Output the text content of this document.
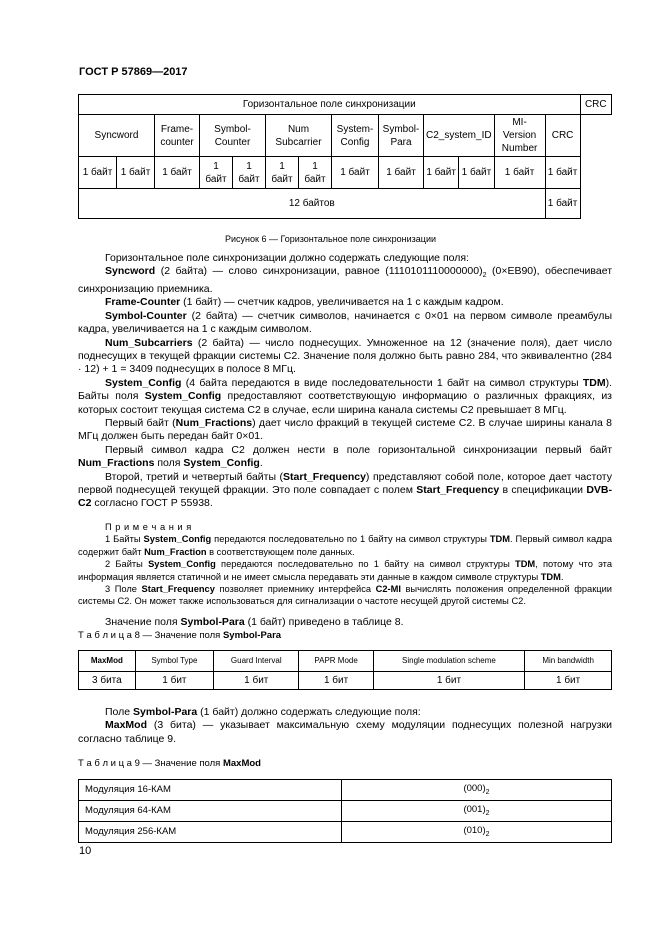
ГОСТ Р 57869—2017
Горизонтальное поле синхронизации													CRC
Syncword		Frame-counter	Symbol-Counter		Num Subcarrier		System-Config	Symbol-Para	C2_system_ID		MI-Version Number	CRC	
1 байт	1 байт	1 байт	1 байт	1 байт	1 байт	1 байт	1 байт	1 байт	1 байт	1 байт	1 байт	1 байт	
12 байтов												1 байт	
Рисунок 6 — Горизонтальное поле синхронизации

Горизонтальное поле синхронизации должно содержать следующие поля:

Syncword (2 байта) — слово синхронизации, равное $(1110101110000000)_2$ (0×EB90), обеспечивает синхронизацию приемника.

Frame-Counter (1 байт) — счетчик кадров, увеличивается на 1 с каждым кадром.

Symbol-Counter (2 байта) — счетчик символов, начинается с 0×01 на первом символе преамбулы кадра, увеличивается на 1 с каждым символом.

Num_Subcarriers (2 байта) — число поднесущих. Умноженное на 12 (значение поля), дает число поднесущих в текущей фракции системы C2. Значение поля должно быть равно 284, что эквивалентно (284 · 12) + 1 = 3409 поднесущих в полосе 8 МГц.

System_Config (4 байта передаются в виде последовательности 1 байт на символ структуры TDM). Байты поля System_Config предоставляют соответствующую информацию о различных фракциях, из которых состоит текущая система C2 в случае, если ширина канала системы C2 превышает 8 МГц.

Первый байт (Num_Fractions) дает число фракций в текущей системе C2. В случае ширины канала 8 МГц должен быть передан байт 0×01.

Первый символ кадра C2 должен нести в поле горизонтальной синхронизации первый байт Num_Fractions поля System_Config.

Второй, третий и четвертый байты (Start_Frequency) представляют собой поле, которое дает частоту первой поднесущей текущей фракции. Это поле совпадает с полем Start_Frequency в спецификации DVB-C2 согласно ГОСТ Р 55938.

П р и м е ч а н и я

1 Байты System_Config передаются последовательно по 1 байту на символ структуры TDM. Первый символ кадра содержит байт Num_Fraction в соответствующем поле данных.

2 Байты System_Config передаются последовательно по 1 байту на символ структуры TDM, потому что эта информация является статичной и не имеет смысла передавать эти данные в каждом символе структуры TDM.

3 Поле Start_Frequency позволяет приемнику интерфейса C2-MI вычислять положения определенной фракции системы C2. Он может также использоваться для сигнализации о частоте несущей другой системы C2.

Значение поля Symbol-Para (1 байт) приведено в таблице 8.
Т а б л и ц а 8 — Значение поля Symbol-Para
MaxMod	Symbol Type	Guard Interval	PAPR Mode	Single modulation scheme	Min bandwidth
3 бита	1 бит	1 бит	1 бит	1 бит	1 бит

Поле Symbol-Para (1 байт) должно содержать следующие поля:

MaxMod (3 бита) — указывает максимальную схему модуляции поднесущих полезной нагрузки согласно таблице 9.

Т а б л и ц а 9 — Значение поля MaxMod
Модуляция 16-КАМ	$(000)_2$
Модуляция 64-КАМ	$(001)_2$
Модуляция 256-КАМ	$(010)_2$
10
